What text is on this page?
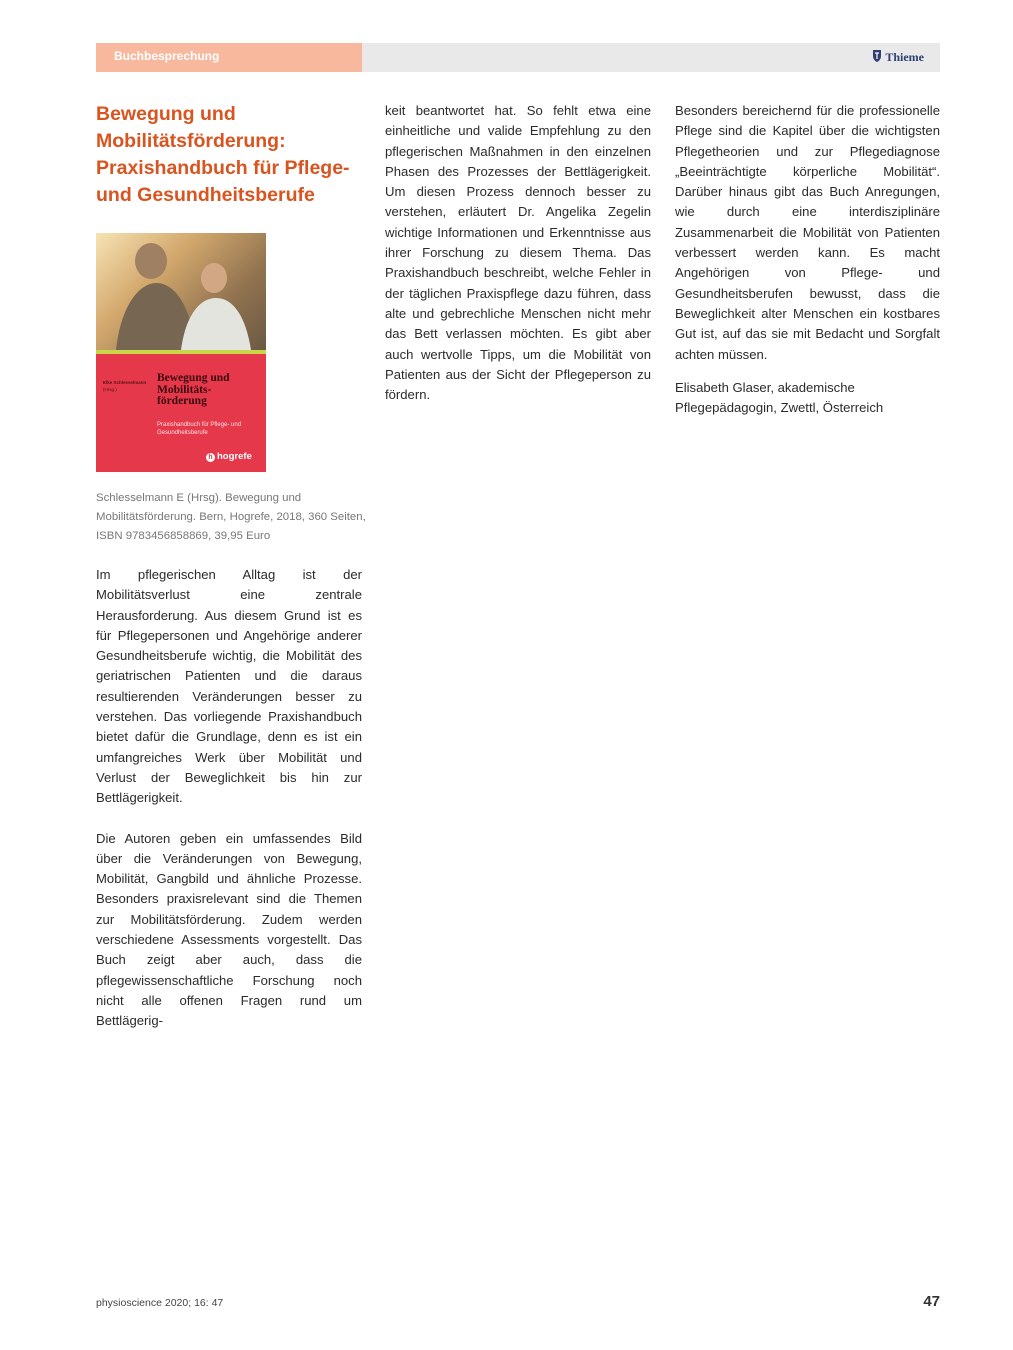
Buchbesprechung	Thieme
Bewegung und Mobilitätsförderung: Praxishandbuch für Pflege- und Gesundheitsberufe
Elke Schlesselmann
(Hrsg.)
Bewegung und Mobilitäts-förderung
Praxishandbuch für Pflege- und Gesundheitsberufe
h hogrefe

Schlesselmann E (Hrsg). Bewegung und Mobilitätsförderung. Bern, Hogrefe, 2018, 360 Seiten, ISBN 9783456858869, 39,95 Euro

Im pflegerischen Alltag ist der Mobilitätsverlust eine zentrale Herausforderung. Aus diesem Grund ist es für Pflegepersonen und Angehörige anderer Gesundheitsberufe wichtig, die Mobilität des geriatrischen Patienten und die daraus resultierenden Veränderungen besser zu verstehen. Das vorliegende Praxishandbuch bietet dafür die Grundlage, denn es ist ein umfangreiches Werk über Mobilität und Verlust der Beweglichkeit bis hin zur Bettlägerigkeit.

Die Autoren geben ein umfassendes Bild über die Veränderungen von Bewegung, Mobilität, Gangbild und ähnliche Prozesse. Besonders praxisrelevant sind die Themen zur Mobilitätsförderung. Zudem werden verschiedene Assessments vorgestellt. Das Buch zeigt aber auch, dass die pflegewissenschaftliche Forschung noch nicht alle offenen Fragen rund um Bettlägerig-

keit beantwortet hat. So fehlt etwa eine einheitliche und valide Empfehlung zu den pflegerischen Maßnahmen in den einzelnen Phasen des Prozesses der Bettlägerigkeit. Um diesen Prozess dennoch besser zu verstehen, erläutert Dr. Angelika Zegelin wichtige Informationen und Erkenntnisse aus ihrer Forschung zu diesem Thema. Das Praxishandbuch beschreibt, welche Fehler in der täglichen Praxispflege dazu führen, dass alte und gebrechliche Menschen nicht mehr das Bett verlassen möchten. Es gibt aber auch wertvolle Tipps, um die Mobilität von Patienten aus der Sicht der Pflegeperson zu fördern.

Besonders bereichernd für die professionelle Pflege sind die Kapitel über die wichtigsten Pflegetheorien und zur Pflegediagnose „Beeinträchtigte körperliche Mobilität“. Darüber hinaus gibt das Buch Anregungen, wie durch eine interdisziplinäre Zusammenarbeit die Mobilität von Patienten verbessert werden kann. Es macht Angehörigen von Pflege- und Gesundheitsberufen bewusst, dass die Beweglichkeit alter Menschen ein kostbares Gut ist, auf das sie mit Bedacht und Sorgfalt achten müssen.

Elisabeth Glaser, akademische Pflegepädagogin, Zwettl, Österreich

physioscience 2020; 16: 47	47
